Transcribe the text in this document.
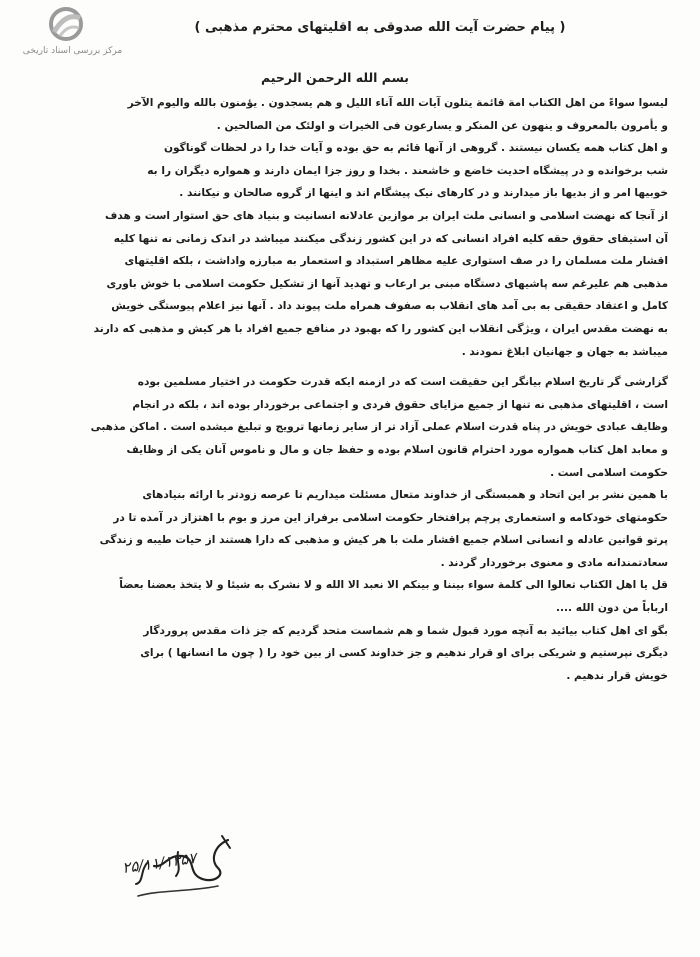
مرکز بررسی اسناد تاریخی
( پیام حضرت آیت الله صدوقی به اقلیتهای محترم مذهبی )
بسم الله الرحمن الرحیم
لیسوا سواءً من اهل الکتاب امة قائمة یتلون آیات الله آناء اللیل و هم یسجدون . یؤمنون بالله والیوم الآخر
و یأمرون بالمعروف و ینهون عن المنکر و یسارعون فی الخیرات و اولئک من الصالحین .
و اهل کتاب همه یکسان نیستند . گروهی از آنها قائم به حق بوده و آیات خدا را در لحظات گوناگون
شب برخوانده و در پیشگاه احدیت خاضع و خاشعند . بخدا و روز جزا ایمان دارند و همواره دیگران را به
خوبیها امر و از بدیها باز میدارند و در کارهای نیک پیشگام اند و اینها از گروه صالحان و نیکانند .
از آنجا که نهضت اسلامی و انسانی ملت ایران بر موازین عادلانه انسانیت و بنیاد های حق استوار است و هدف
آن استیفای حقوق حقه کلیه افراد انسانی که در این کشور زندگی میکنند میباشد در اندک زمانی نه تنها کلیه
اقشار ملت مسلمان را در صف استواری علیه مظاهر استبداد و استعمار به مبارزه واداشت ، بلکه اقلیتهای
مذهبی هم علیرغم سه پاشیهای دستگاه مبنی بر ارعاب و تهدید آنها از تشکیل حکومت اسلامی با خوش باوری
کامل و اعتقاد حقیقی به بی آمد های انقلاب به صفوف همراه ملت پیوند داد . آنها نیز اعلام پیوستگی خویش
به نهضت مقدس ایران ، ویژگی انقلاب این کشور را که بهبود در منافع جمیع افراد با هر کیش و مذهبی که دارند
میباشد به جهان و جهانیان ابلاغ نمودند .
گزارشی گر تاریخ اسلام بیانگر این حقیقت است که در ازمنه ایکه قدرت حکومت در اختیار مسلمین بوده
است ، اقلیتهای مذهبی نه تنها از جمیع مزایای حقوق فردی و اجتماعی برخوردار بوده اند ، بلکه در انجام
وظایف عبادی خویش در پناه قدرت اسلام عملی آزاد تر از سایر زمانها ترویج و تبلیغ میشده است . اماکن مذهبی
و معابد اهل کتاب همواره مورد احترام قانون اسلام بوده و حفظ جان و مال و ناموس آنان یکی از وظایف
حکومت اسلامی است .
با همین نشر بر این اتحاد و همبستگی از خداوند متعال مسئلت میداریم تا عرصه زودتر با ارائه بنیادهای
حکومتهای خودکامه و استعماری پرچم پرافتخار حکومت اسلامی برفراز این مرز و بوم با اهتزاز در آمده تا در
پرتو قوانین عادله و انسانی اسلام جمیع اقشار ملت با هر کیش و مذهبی که دارا هستند از حیات طیبه و زندگی
سعادتمندانه مادی و معنوی برخوردار گردند .
قل یا اهل الکتاب تعالوا الی کلمة سواء بیننا و بینکم الا نعبد الا الله و لا نشرک به شیئا و لا یتخذ بعضنا بعضاً
ارباباً من دون الله ....
بگو ای اهل کتاب بیائید به آنچه مورد قبول شما و هم شماست متحد گردیم که جز ذات مقدس پروردگار
دیگری نپرستیم و شریکی برای او قرار ندهیم و جز خداوند کسی از بین خود را ( چون ما انسانها ) برای
خویش قرار ندهیم .
۲۵/۱۱/۱۳۵۷
